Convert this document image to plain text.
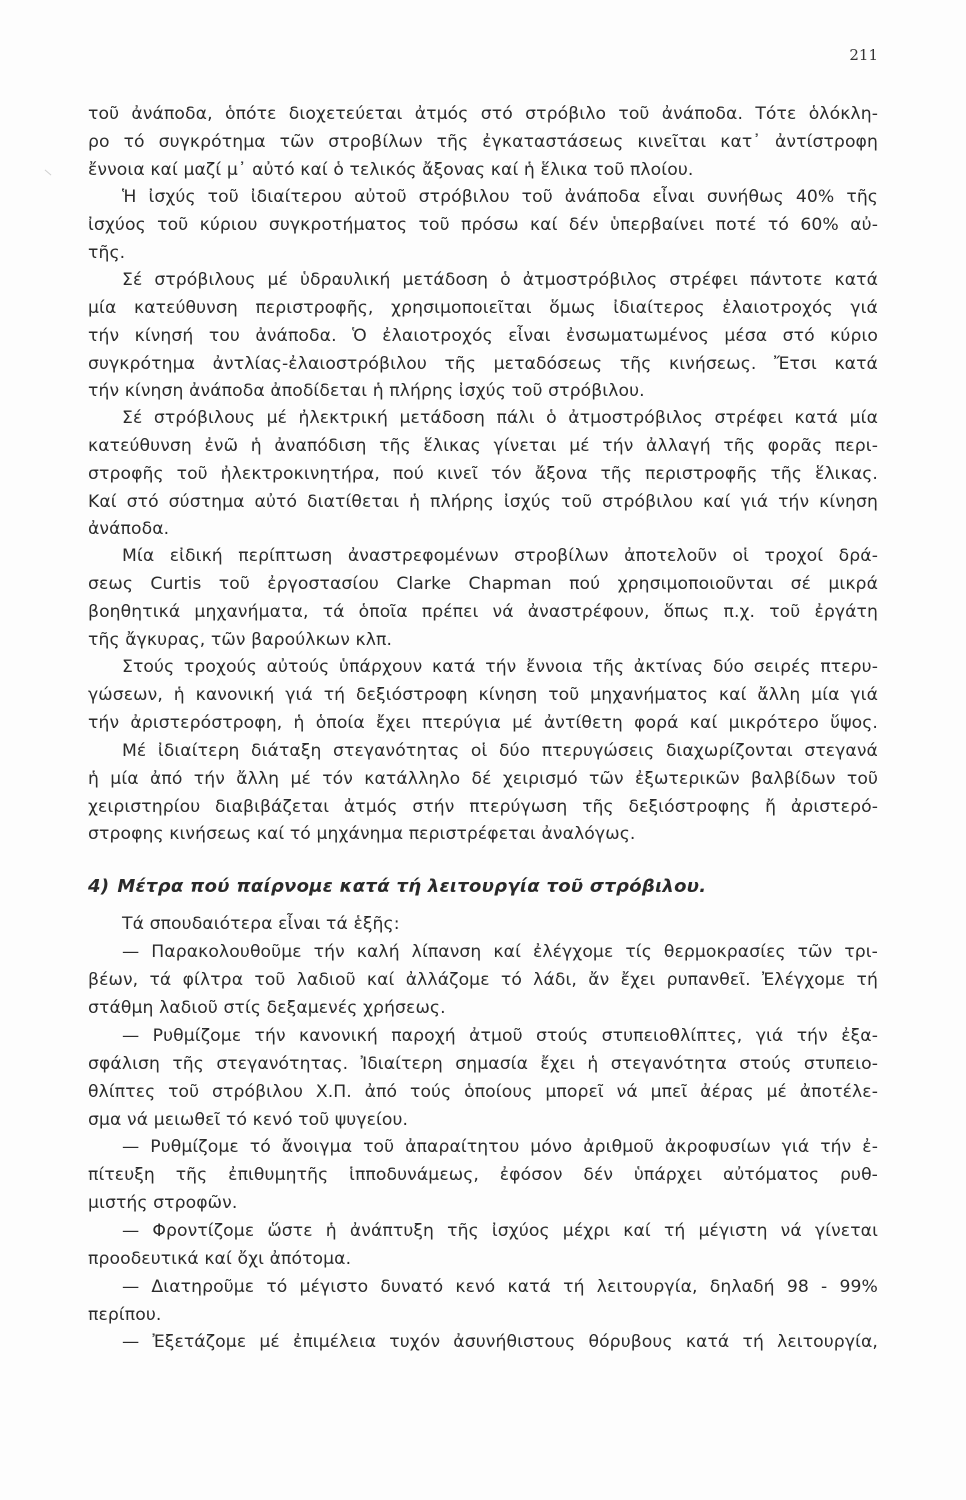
211
τοῦ ἀνάποδα, ὁπότε διοχετεύεται ἀτμός στό στρόβιλο τοῦ ἀνάποδα. Τότε ὁλόκλη-
ρο τό συγκρότημα τῶν στροβίλων τῆς ἐγκαταστάσεως κινεῖται κατ᾽ ἀντίστροφη
ἔννοια καί μαζί μ᾽ αὐτό καί ὁ τελικός ἄξονας καί ἡ ἕλικα τοῦ πλοίου.
Ἡ ἰσχύς τοῦ ἰδιαίτερου αὐτοῦ στρόβιλου τοῦ ἀνάποδα εἶναι συνήθως 40% τῆς
ἰσχύος τοῦ κύριου συγκροτήματος τοῦ πρόσω καί δέν ὑπερβαίνει ποτέ τό 60% αὐ-
τῆς.
Σέ στρόβιλους μέ ὑδραυλική μετάδοση ὁ ἀτμοστρόβιλος στρέφει πάντοτε κατά
μία κατεύθυνση περιστροφῆς, χρησιμοποιεῖται ὅμως ἰδιαίτερος ἐλαιοτροχός γιά
τήν κίνησή του ἀνάποδα. Ὁ ἐλαιοτροχός εἶναι ἐνσωματωμένος μέσα στό κύριο
συγκρότημα ἀντλίας-ἐλαιοστρόβιλου τῆς μεταδόσεως τῆς κινήσεως. Ἔτσι κατά
τήν κίνηση ἀνάποδα ἀποδίδεται ἡ πλήρης ἰσχύς τοῦ στρόβιλου.
Σέ στρόβιλους μέ ἠλεκτρική μετάδοση πάλι ὁ ἀτμοστρόβιλος στρέφει κατά μία
κατεύθυνση ἐνῶ ἡ ἀναπόδιση τῆς ἕλικας γίνεται μέ τήν ἀλλαγή τῆς φορᾶς περι-
στροφῆς τοῦ ἠλεκτροκινητήρα, πού κινεῖ τόν ἄξονα τῆς περιστροφῆς τῆς ἕλικας.
Καί στό σύστημα αὐτό διατίθεται ἡ πλήρης ἰσχύς τοῦ στρόβιλου καί γιά τήν κίνηση
ἀνάποδα.
Μία εἰδική περίπτωση ἀναστρεφομένων στροβίλων ἀποτελοῦν οἱ τροχοί δρά-
σεως Curtis τοῦ ἐργοστασίου Clarke Chapman πού χρησιμοποιοῦνται σέ μικρά
βοηθητικά μηχανήματα, τά ὁποῖα πρέπει νά ἀναστρέφουν, ὅπως π.χ. τοῦ ἐργάτη
τῆς ἄγκυρας, τῶν βαρούλκων κλπ.
Στούς τροχούς αὐτούς ὑπάρχουν κατά τήν ἔννοια τῆς ἀκτίνας δύο σειρές πτερυ-
γώσεων, ἡ κανονική γιά τή δεξιόστροφη κίνηση τοῦ μηχανήματος καί ἄλλη μία γιά
τήν ἀριστερόστροφη, ἡ ὁποία ἔχει πτερύγια μέ ἀντίθετη φορά καί μικρότερο ὕψος.
Μέ ἰδιαίτερη διάταξη στεγανότητας οἱ δύο πτερυγώσεις διαχωρίζονται στεγανά
ἡ μία ἀπό τήν ἄλλη μέ τόν κατάλληλο δέ χειρισμό τῶν ἐξωτερικῶν βαλβίδων τοῦ
χειριστηρίου διαβιβάζεται ἀτμός στήν πτερύγωση τῆς δεξιόστροφης ἤ ἀριστερό-
στροφης κινήσεως καί τό μηχάνημα περιστρέφεται ἀναλόγως.
Τά σπουδαιότερα εἶναι τά ἑξῆς:
— Παρακολουθοῦμε τήν καλή λίπανση καί ἐλέγχομε τίς θερμοκρασίες τῶν τρι-
βέων, τά φίλτρα τοῦ λαδιοῦ καί ἀλλάζομε τό λάδι, ἄν ἔχει ρυπανθεῖ. Ἐλέγχομε τή
στάθμη λαδιοῦ στίς δεξαμενές χρήσεως.
— Ρυθμίζομε τήν κανονική παροχή ἀτμοῦ στούς στυπειοθλίπτες, γιά τήν ἐξα-
σφάλιση τῆς στεγανότητας. Ἰδιαίτερη σημασία ἔχει ἡ στεγανότητα στούς στυπειο-
θλίπτες τοῦ στρόβιλου Χ.Π. ἀπό τούς ὁποίους μπορεῖ νά μπεῖ ἀέρας μέ ἀποτέλε-
σμα νά μειωθεῖ τό κενό τοῦ ψυγείου.
— Ρυθμίζομε τό ἄνοιγμα τοῦ ἀπαραίτητου μόνο ἀριθμοῦ ἀκροφυσίων γιά τήν ἐ-
πίτευξη τῆς ἐπιθυμητῆς ἱπποδυνάμεως, ἐφόσον δέν ὑπάρχει αὐτόματος ρυθ-
μιστής στροφῶν.
— Φροντίζομε ὥστε ἡ ἀνάπτυξη τῆς ἰσχύος μέχρι καί τή μέγιστη νά γίνεται
προοδευτικά καί ὄχι ἀπότομα.
— Διατηροῦμε τό μέγιστο δυνατό κενό κατά τή λειτουργία, δηλαδή 98 - 99%
περίπου.
— Ἐξετάζομε μέ ἐπιμέλεια τυχόν ἀσυνήθιστους θόρυβους κατά τή λειτουργία,
4) Μέτρα πού παίρνομε κατά τή λειτουργία τοῦ στρόβιλου.
